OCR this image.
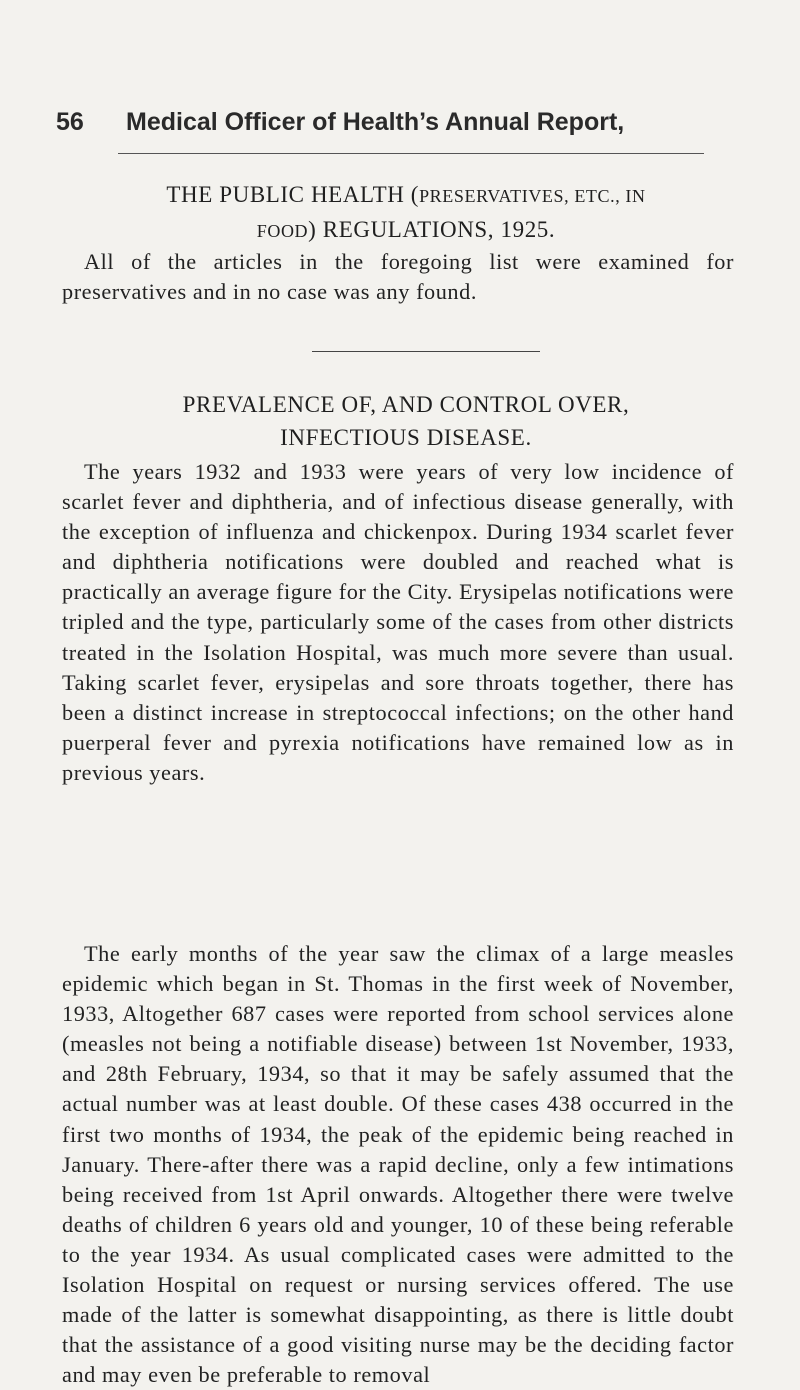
56 Medical Officer of Health’s Annual Report,
THE PUBLIC HEALTH (PRESERVATIVES, ETC., IN
FOOD) REGULATIONS, 1925.

All of the articles in the foregoing list were examined for preservatives and in no case was any found.

PREVALENCE OF, AND CONTROL OVER,
INFECTIOUS DISEASE.

The years 1932 and 1933 were years of very low incidence of scarlet fever and diphtheria, and of infectious disease generally, with the exception of influenza and chickenpox. During 1934 scarlet fever and diphtheria notifications were doubled and reached what is practically an average figure for the City. Erysipelas notifications were tripled and the type, particularly some of the cases from other districts treated in the Isolation Hospital, was much more severe than usual. Taking scarlet fever, erysipelas and sore throats together, there has been a distinct increase in streptococcal infections; on the other hand puerperal fever and pyrexia notifications have remained low as in previous years.

The early months of the year saw the climax of a large measles epidemic which began in St. Thomas in the first week of November, 1933, Altogether 687 cases were reported from school services alone (measles not being a notifiable disease) between 1st November, 1933, and 28th February, 1934, so that it may be safely assumed that the actual number was at least double. Of these cases 438 occurred in the first two months of 1934, the peak of the epidemic being reached in January. There-after there was a rapid decline, only a few intimations being received from 1st April onwards. Altogether there were twelve deaths of children 6 years old and younger, 10 of these being referable to the year 1934. As usual complicated cases were admitted to the Isolation Hospital on request or nursing services offered. The use made of the latter is somewhat disappointing, as there is little doubt that the assistance of a good visiting nurse may be the deciding factor and may even be preferable to removal
